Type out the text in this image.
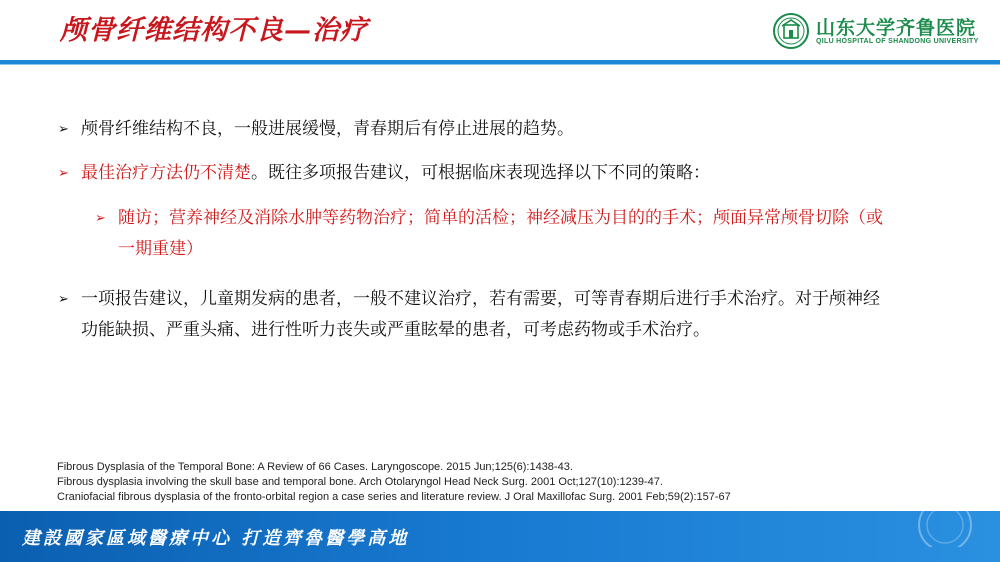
颅骨纤维结构不良—治疗	山东大学齐鲁医院
QILU HOSPITAL OF SHANDONG UNIVERSITY
➢ 颅骨纤维结构不良，一般进展缓慢，青春期后有停止进展的趋势。
➢ 最佳治疗方法仍不清楚。既往多项报告建议，可根据临床表现选择以下不同的策略：
➢ 随访；营养神经及消除水肿等药物治疗；简单的活检；神经减压为目的的手术；颅面异常颅骨切除（或
一期重建）
➢ 一项报告建议，儿童期发病的患者，一般不建议治疗，若有需要，可等青春期后进行手术治疗。对于颅神经
功能缺损、严重头痛、进行性听力丧失或严重眩晕的患者，可考虑药物或手术治疗。
Fibrous Dysplasia of the Temporal Bone: A Review of 66 Cases. Laryngoscope. 2015 Jun;125(6):1438-43.
Fibrous dysplasia involving the skull base and temporal bone. Arch Otolaryngol Head Neck Surg. 2001 Oct;127(10):1239-47.
Craniofacial fibrous dysplasia of the fronto-orbital region a case series and literature review. J Oral Maxillofac Surg. 2001 Feb;59(2):157-67
建設國家區域醫療中心 打造齊魯醫學高地
